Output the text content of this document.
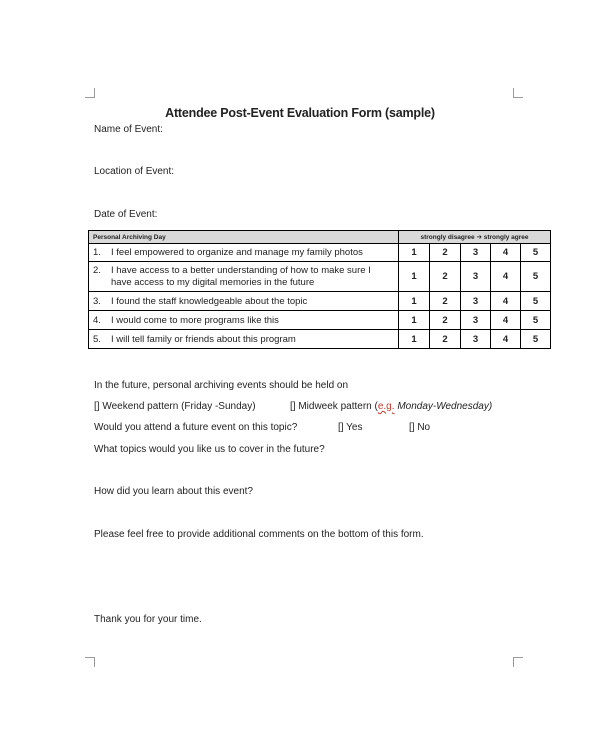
Attendee Post-Event Evaluation Form (sample)
Name of Event:
Location of Event:
Date of Event:
Personal Archiving Day	strongly disagree ➔ strongly agree				

1. I feel empowered to organize and manage my family photos	1	2	3	4	5

2. I have access to a better understanding of how to make sure I have access to my digital memories in the future	1	2	3	4	5

3. I found the staff knowledgeable about the topic	1	2	3	4	5

4. I would come to more programs like this	1	2	3	4	5

5. I will tell family or friends about this program	1	2	3	4	5
In the future, personal archiving events should be held on
[] Weekend pattern (Friday -Sunday)	[] Midweek pattern (e.g. Monday-Wednesday)
Would you attend a future event on this topic?	[] Yes	[] No
What topics would you like us to cover in the future?
How did you learn about this event?
Please feel free to provide additional comments on the bottom of this form.
Thank you for your time.
